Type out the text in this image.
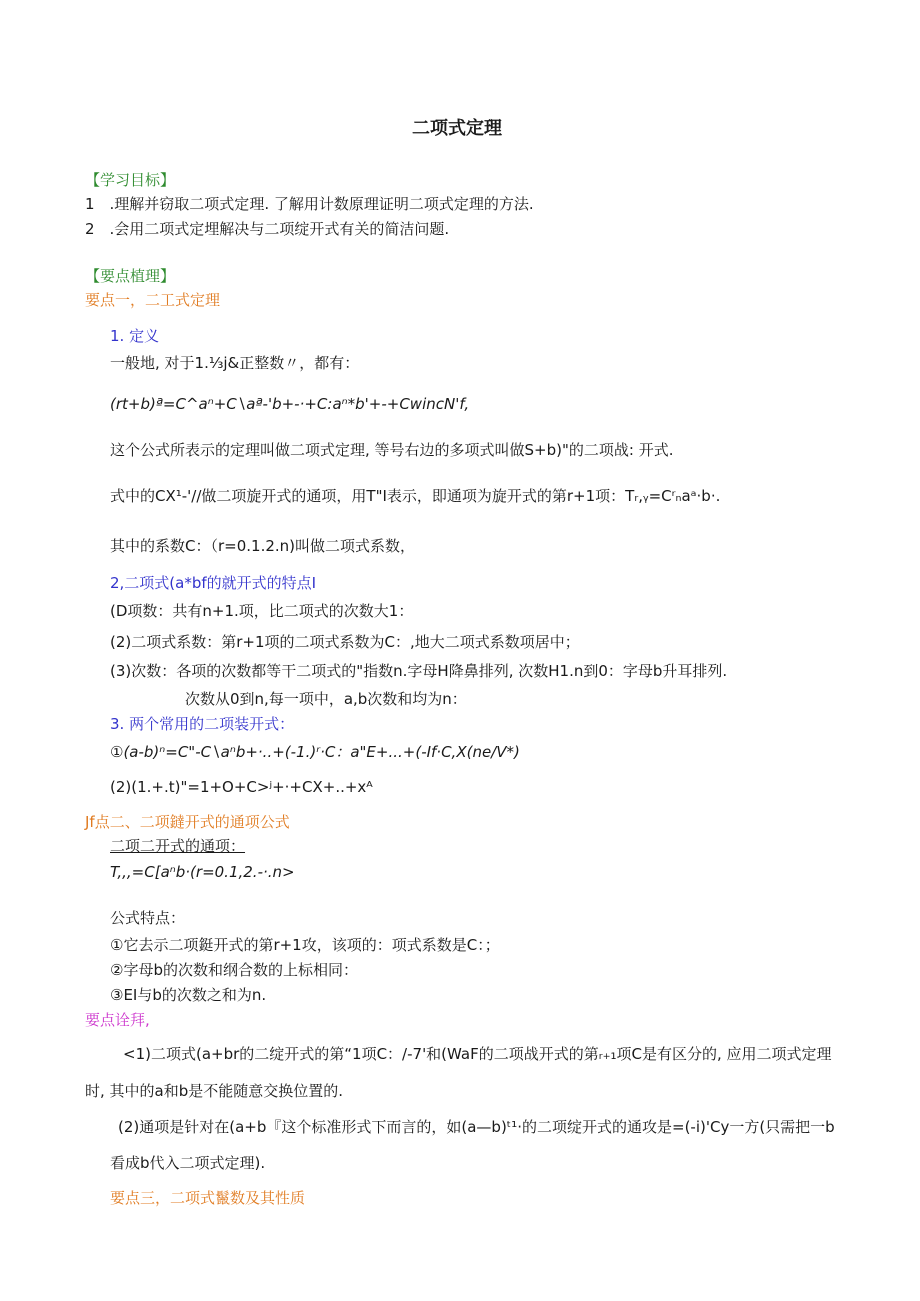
二项式定理
【学习目标】
1　.理解并窃取二项式定理. 了解用计数原理证明二项式定理的方法.
2　.会用二项式定埋解决与二项绽开式有关的简洁问题.
【要点植理】
要点一，二工式定理
1. 定义
一般地, 对于1.⅓j&正整数〃，都有：
(rt+b)ª=C^aⁿ+C∖aª-'b+-·+C:aⁿ*b'+-+CwincN'f,
这个公式所表示的定理叫做二项式定理, 等号右边的多项式叫做S+b)"的二项战: 开式.
式中的CX¹-'//做二项旋开式的通项，用T"I表示，即通项为旋开式的第r+1项：Tᵣ,ᵧ=Cʳₙaᵃ·b·.
其中的系数C：（r=0.1.2.n)叫做二项式系数，
2,二项式(a*bf的就开式的特点I
(D项数：共有n+1.项，比二项式的次数大1：
(2)二项式系数：第r+1项的二项式系数为C：,地大二项式系数项居中；
(3)次数：各项的次数都等干二项式的"指数n.字母H降鼻排列, 次数H1.n到0：字母b升耳排列.
次数从0到n,每一项中，a,b次数和均为n：
3. 两个常用的二项装开式：
①(a-b)ⁿ=C"-C∖aⁿb+·..+(-1.)ʳ·C：a"E+...+(-If·C,X(ne/V*)
(2)(1.+.t)"=1+O+C>ʲ+·+CX+..+xᴬ
Jf点二、二项鐽开式的通项公式
二项二开式的通项：
T,,,=C[aⁿb·(r=0.1,2.-·.n>
公式特点：
①它去示二项鋌开式的第r+1攻，该项的：项式系数是C：；
②字母b的次数和纲合数的上标相同：
③EI与b的次数之和为n.
要点诠拜,
<1)二项式(a+br的二绽开式的第“1项C：/-7'和(WaF的二项战开式的第ᵣ₊₁项C是有区分的, 应用二项式定理
时, 其中的a和b是不能随意交换位置的.
(2)通项是针对在(a+b『这个标准形式下而言的，如(a—b)ᵗ¹·的二项绽开式的通攻是=(-i)'Cy一方(只需把一b
看成b代入二项式定理).
要点三，二项式鬣数及其性质
